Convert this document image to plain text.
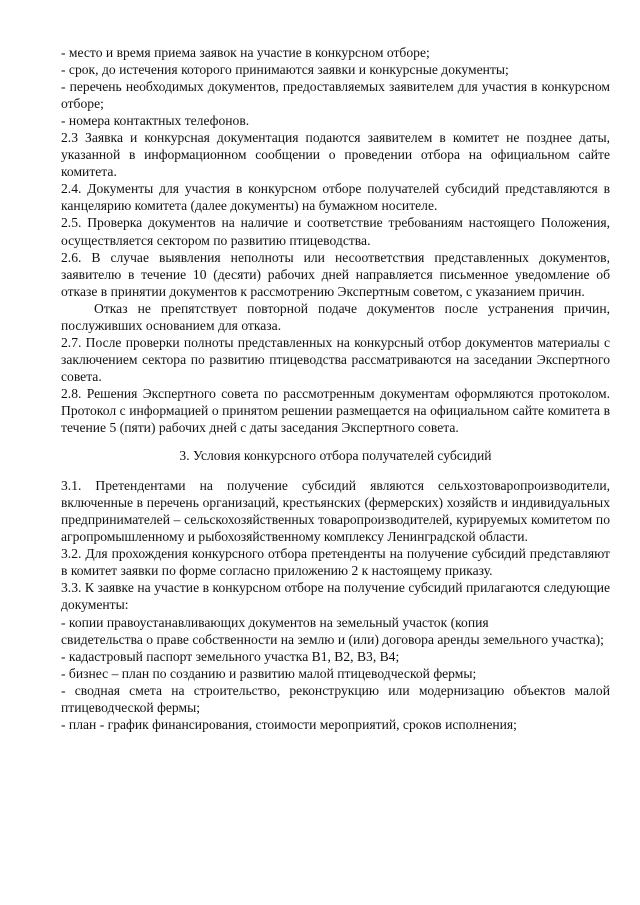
- место и время приема заявок на участие в конкурсном отборе;

- срок, до истечения которого принимаются заявки и конкурсные документы;

- перечень необходимых документов, предоставляемых заявителем для участия в конкурсном отборе;

- номера контактных телефонов.

2.3 Заявка и конкурсная документация подаются заявителем в комитет не позднее даты, указанной в информационном сообщении о проведении отбора на официальном сайте комитета.

2.4. Документы для участия в конкурсном отборе получателей субсидий представляются в канцелярию комитета (далее документы) на бумажном носителе.

2.5. Проверка документов на наличие и соответствие требованиям настоящего Положения, осуществляется сектором по развитию птицеводства.

2.6. В случае выявления неполноты или несоответствия представленных документов, заявителю в течение 10 (десяти) рабочих дней направляется письменное уведомление об отказе в принятии документов к рассмотрению Экспертным советом, с указанием причин.

Отказ не препятствует повторной подаче документов после устранения причин, послуживших основанием для отказа.

2.7. После проверки полноты представленных на конкурсный отбор документов материалы с заключением сектора по развитию птицеводства рассматриваются на заседании Экспертного совета.

2.8. Решения Экспертного совета по рассмотренным документам оформляются протоколом. Протокол с информацией о принятом решении размещается на официальном сайте комитета в течение 5 (пяти) рабочих дней с даты заседания Экспертного совета.

3. Условия конкурсного отбора получателей субсидий

3.1. Претендентами на получение субсидий являются сельхозтоваропроизводители, включенные в перечень организаций, крестьянских (фермерских) хозяйств и индивидуальных предпринимателей – сельскохозяйственных товаропроизводителей, курируемых комитетом по агропромышленному и рыбохозяйственному комплексу Ленинградской области.

3.2. Для прохождения конкурсного отбора претенденты на получение субсидий представляют в комитет заявки по форме согласно приложению 2 к настоящему приказу.

3.3. К заявке на участие в конкурсном отборе на получение субсидий прилагаются следующие документы:

- копии правоустанавливающих документов на земельный участок (копия

свидетельства о праве собственности на землю и (или) договора аренды земельного участка);

- кадастровый паспорт земельного участка В1, В2, В3, В4;

- бизнес – план по созданию и развитию малой птицеводческой фермы;

- сводная смета на строительство, реконструкцию или модернизацию объектов малой птицеводческой фермы;

- план - график финансирования, стоимости мероприятий, сроков исполнения;
